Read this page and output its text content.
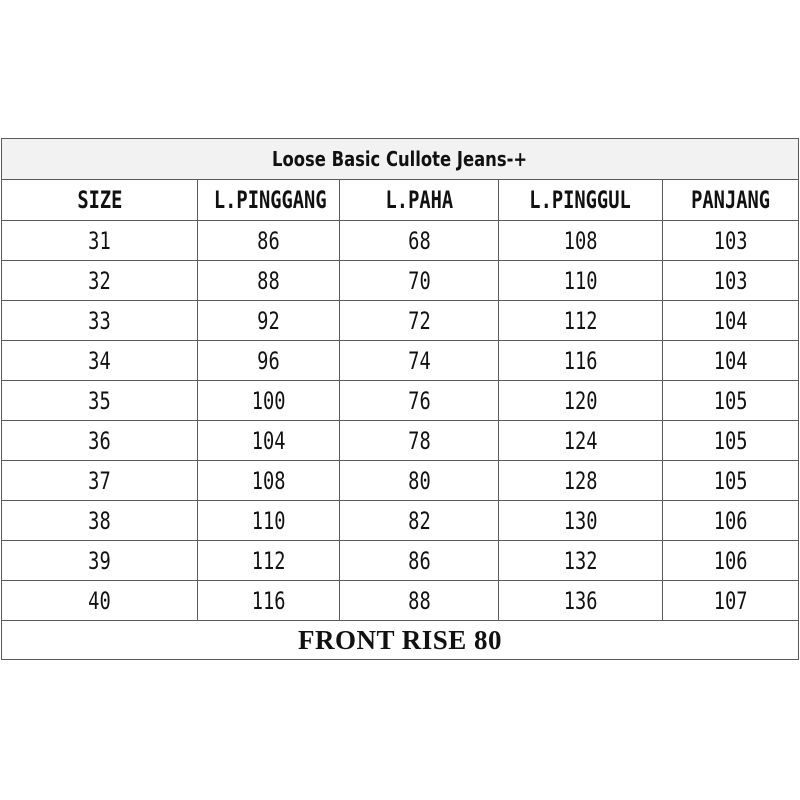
Loose Basic Cullote Jeans-+				
SIZE	L.PINGGANG	L.PAHA	L.PINGGUL	PANJANG
31	86	68	108	103
32	88	70	110	103
33	92	72	112	104
34	96	74	116	104
35	100	76	120	105
36	104	78	124	105
37	108	80	128	105
38	110	82	130	106
39	112	86	132	106
40	116	88	136	107
FRONT RISE 80				
